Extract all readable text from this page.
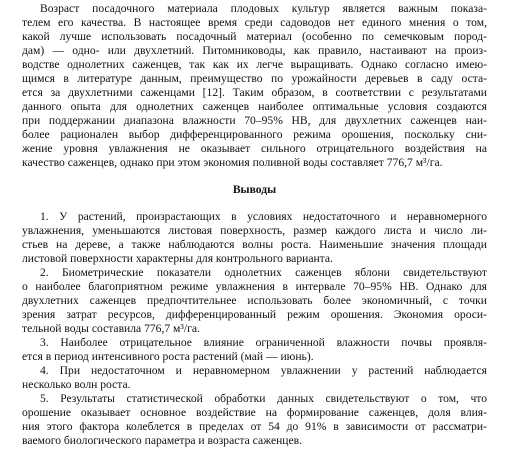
Возраст посадочного материала плодовых культур является важным показа-
телем его качества. В настоящее время среди садоводов нет единого мнения о том,
какой лучше использовать посадочный материал (особенно по семечковым пород-
дам) — одно- или двухлетний. Питомниководы, как правило, настаивают на произ-
водстве однолетних саженцев, так как их легче выращивать. Однако согласно имею-
щимся в литературе данным, преимущество по урожайности деревьев в саду оста-
ется за двухлетними саженцами [12]. Таким образом, в соответствии с результатами
данного опыта для однолетних саженцев наиболее оптимальные условия создаются
при поддержании диапазона влажности 70–95% НВ, для двухлетних саженцев наи-
более рационален выбор дифференцированного режима орошения, поскольку сни-
жение уровня увлажнения не оказывает сильного отрицательного воздействия на
качество саженцев, однако при этом экономия поливной воды составляет 776,7 м³/га.
Выводы
1. У растений, произрастающих в условиях недостаточного и неравномерного
увлажнения, уменьшаются листовая поверхность, размер каждого листа и число ли-
стьев на дереве, а также наблюдаются волны роста. Наименьшие значения площади
листовой поверхности характерны для контрольного варианта.
2. Биометрические показатели однолетних саженцев яблони свидетельствуют
о наиболее благоприятном режиме увлажнения в интервале 70–95% НВ. Однако для
двухлетних саженцев предпочтительнее использовать более экономичный, с точки
зрения затрат ресурсов, дифференцированный режим орошения. Экономия ороси-
тельной воды составила 776,7 м³/га.
3. Наиболее отрицательное влияние ограниченной влажности почвы проявля-
ется в период интенсивного роста растений (май — июнь).
4. При недостаточном и неравномерном увлажнении у растений наблюдается
несколько волн роста.
5. Результаты статистической обработки данных свидетельствуют о том, что
орошение оказывает основное воздействие на формирование саженцев, доля влия-
ния этого фактора колеблется в пределах от 54 до 91% в зависимости от рассматри-
ваемого биологического параметра и возраста саженцев.
